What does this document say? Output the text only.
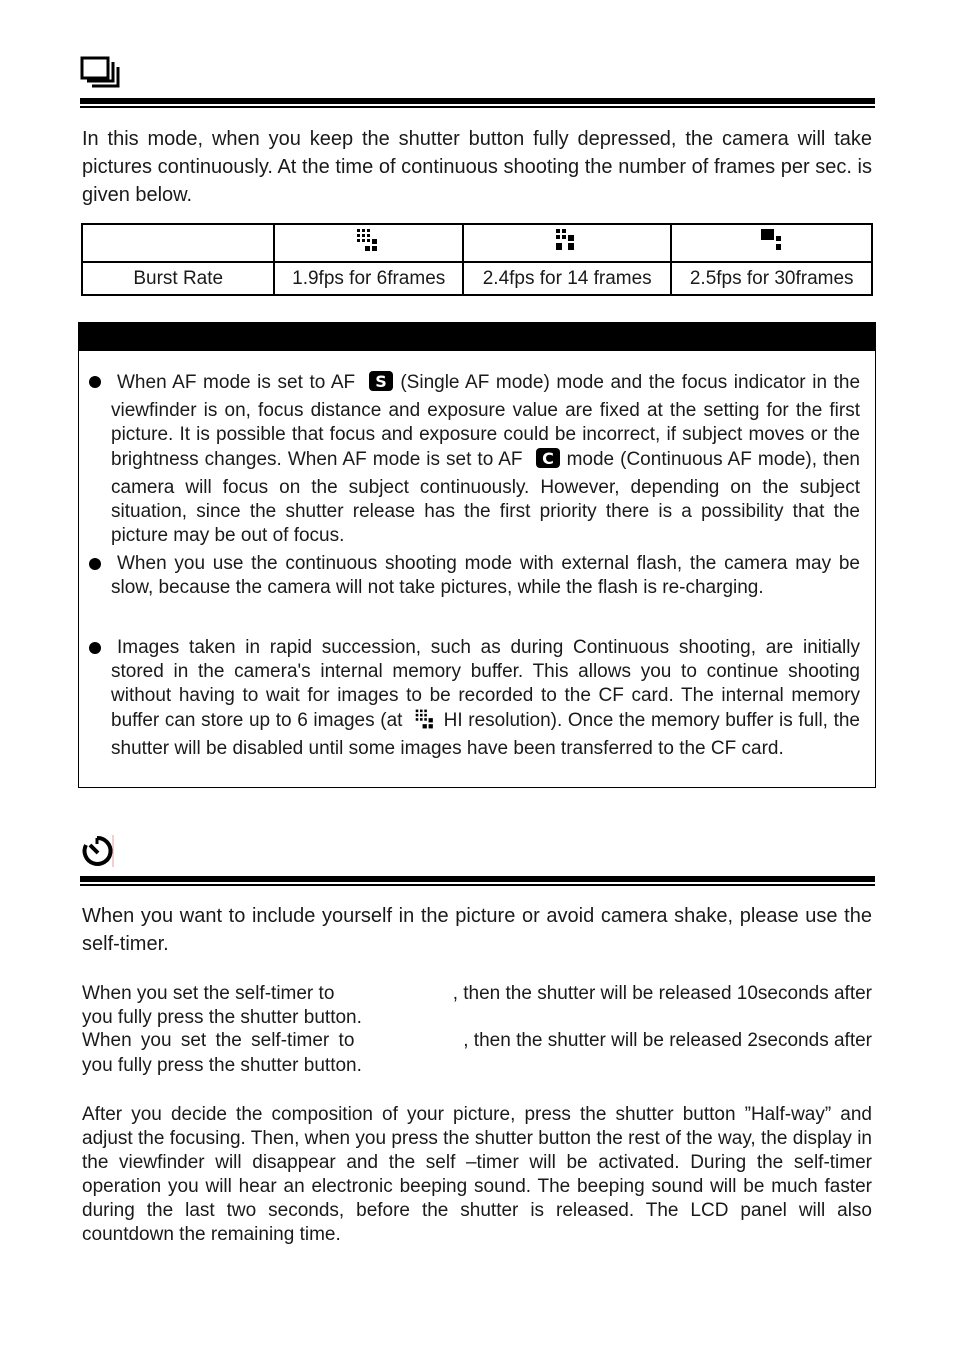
In this mode, when you keep the shutter button fully depressed, the camera will take pictures continuously. At the time of continuous shooting the number of frames per sec. is given below.

Burst Rate	1.9fps for 6frames	2.4fps for 14 frames	2.5fps for 30frames
When AF mode is set to AF S (Single AF mode) mode and the focus indicator in the viewfinder is on, focus distance and exposure value are fixed at the setting for the first picture. It is possible that focus and exposure could be incorrect, if subject moves or the brightness changes. When AF mode is set to AF C mode (Continuous AF mode), then camera will focus on the subject continuously. However, depending on the subject situation, since the shutter release has the first priority there is a possibility that the picture may be out of focus.
When you use the continuous shooting mode with external flash, the camera may be slow, because the camera will not take pictures, while the flash is re-charging.
Images taken in rapid succession, such as during Continuous shooting, are initially stored in the camera's internal memory buffer. This allows you to continue shooting without having to wait for images to be recorded to the CF card. The internal memory buffer can store up to 6 images (at HI resolution). Once the memory buffer is full, the shutter will be disabled until some images have been transferred to the CF card.
When you want to include yourself in the picture or avoid camera shake, please use the self-timer.
When you set the self-timer to	, then the shutter will be released 10seconds after
you fully press the shutter button.
When you set the self-timer to	, then the shutter will be released 2seconds after
you fully press the shutter button.
After you decide the composition of your picture, press the shutter button ”Half-way” and adjust the focusing. Then, when you press the shutter button the rest of the way, the display in the viewfinder will disappear and the self –timer will be activated. During the self-timer operation you will hear an electronic beeping sound. The beeping sound will be much faster during the last two seconds, before the shutter is released. The LCD panel will also countdown the remaining time.
